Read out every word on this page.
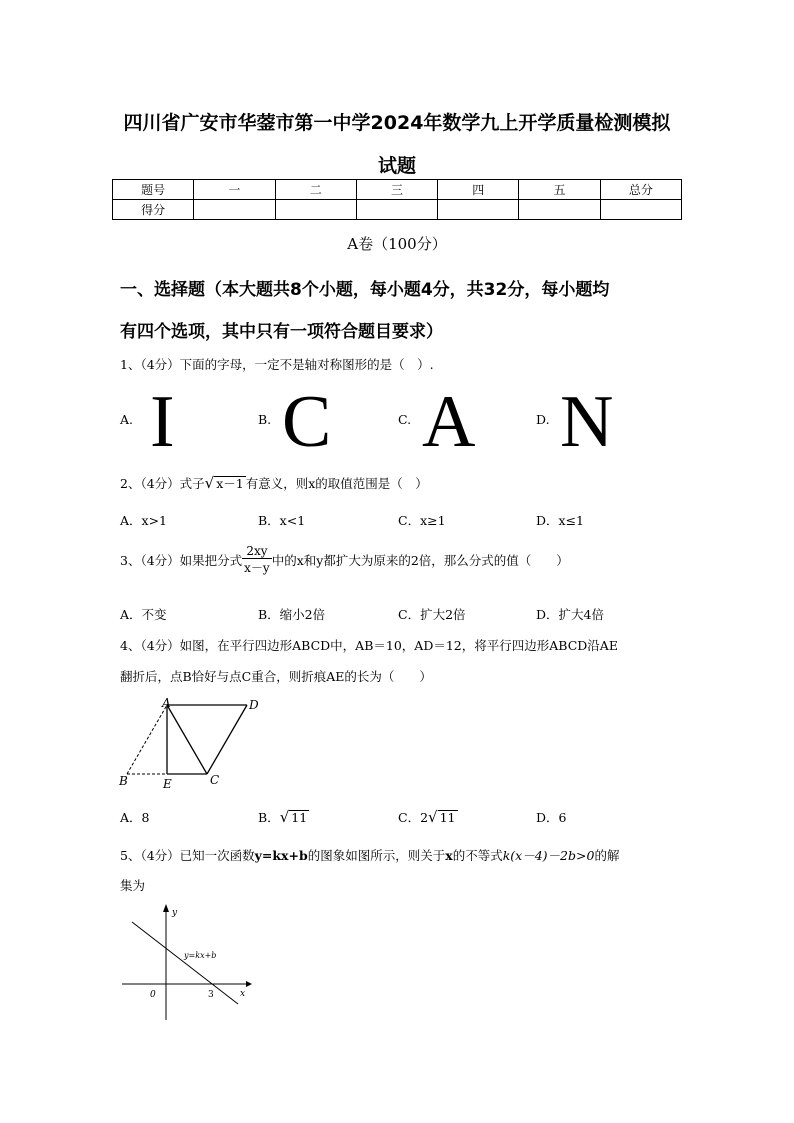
四川省广安市华蓥市第一中学2024年数学九上开学质量检测模拟
试题
题号	一	二	三	四	五	总分
得分						
A卷（100分）
一、选择题（本大题共8个小题，每小题4分，共32分，每小题均
有四个选项，其中只有一项符合题目要求）
1、（4分）下面的字母，一定不是轴对称图形的是（　）.
A. I	B. C	C. A	D. N
2、（4分）式子√ x－1 有意义，则x的取值范围是（　）
A．x>1	B．x<1	C．x≥1	D．x≤1
3、（4分）如果把分式 $\frac{2xy}{x-y}$ 中的x和y都扩大为原来的2倍，那么分式的值（　　）
A．不变	B．缩小2倍	C．扩大2倍	D．扩大4倍
4、（4分）如图，在平行四边形ABCD中，AB＝10，AD＝12，将平行四边形ABCD沿AE
翻折后，点B恰好与点C重合，则折痕AE的长为（　　）
A	D
B	E	C
A．8	B．√ 11	C．2√ 11	D．6
5、（4分）已知一次函数y=kx+b的图象如图所示，则关于x的不等式k(x－4)－2b>0的解
集为
y
x
0	3
y=kx+b
